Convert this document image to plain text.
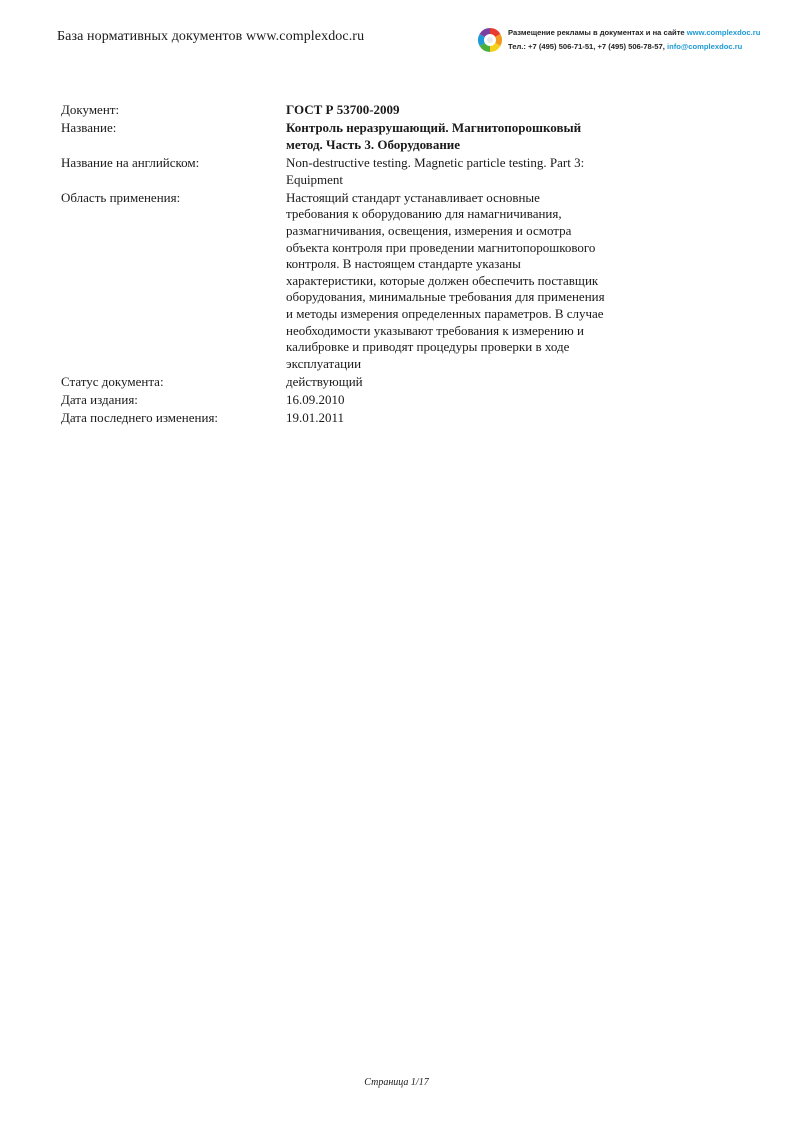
База нормативных документов www.complexdoc.ru	Размещение рекламы в документах и на сайте www.complexdoc.ru
Тел.: +7 (495) 506-71-51, +7 (495) 506-78-57, info@complexdoc.ru
Документ:	ГОСТ Р 53700-2009
Название:	Контроль неразрушающий. Магнитопорошковый метод. Часть 3. Оборудование
Название на английском:	Non-destructive testing. Magnetic particle testing. Part 3: Equipment
Область применения:	Настоящий стандарт устанавливает основные требования к оборудованию для намагничивания, размагничивания, освещения, измерения и осмотра объекта контроля при проведении магнитопорошкового контроля. В настоящем стандарте указаны характеристики, которые должен обеспечить поставщик оборудования, минимальные требования для применения и методы измерения определенных параметров. В случае необходимости указывают требования к измерению и калибровке и приводят процедуры проверки в ходе эксплуатации
Статус документа:	действующий
Дата издания:	16.09.2010
Дата последнего изменения:	19.01.2011
Страница 1/17
